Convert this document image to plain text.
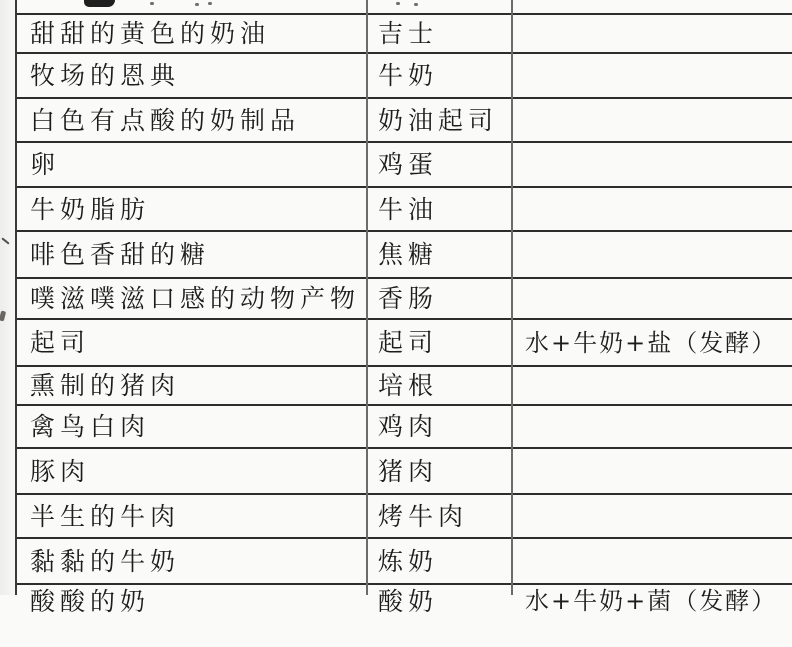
甜甜的黄色的奶油	吉士
牧场的恩典	牛奶
白色有点酸的奶制品	奶油起司
卵	鸡蛋
牛奶脂肪	牛油
啡色香甜的糖	焦糖
噗滋噗滋口感的动物产物 香肠
起司	起司	水+牛奶+盐（发酵）
熏制的猪肉	培根
禽鸟白肉	鸡肉
豚肉	猪肉
半生的牛肉	烤牛肉
黏黏的牛奶	炼奶
酸酸的奶	酸奶	水+牛奶+菌（发酵）
